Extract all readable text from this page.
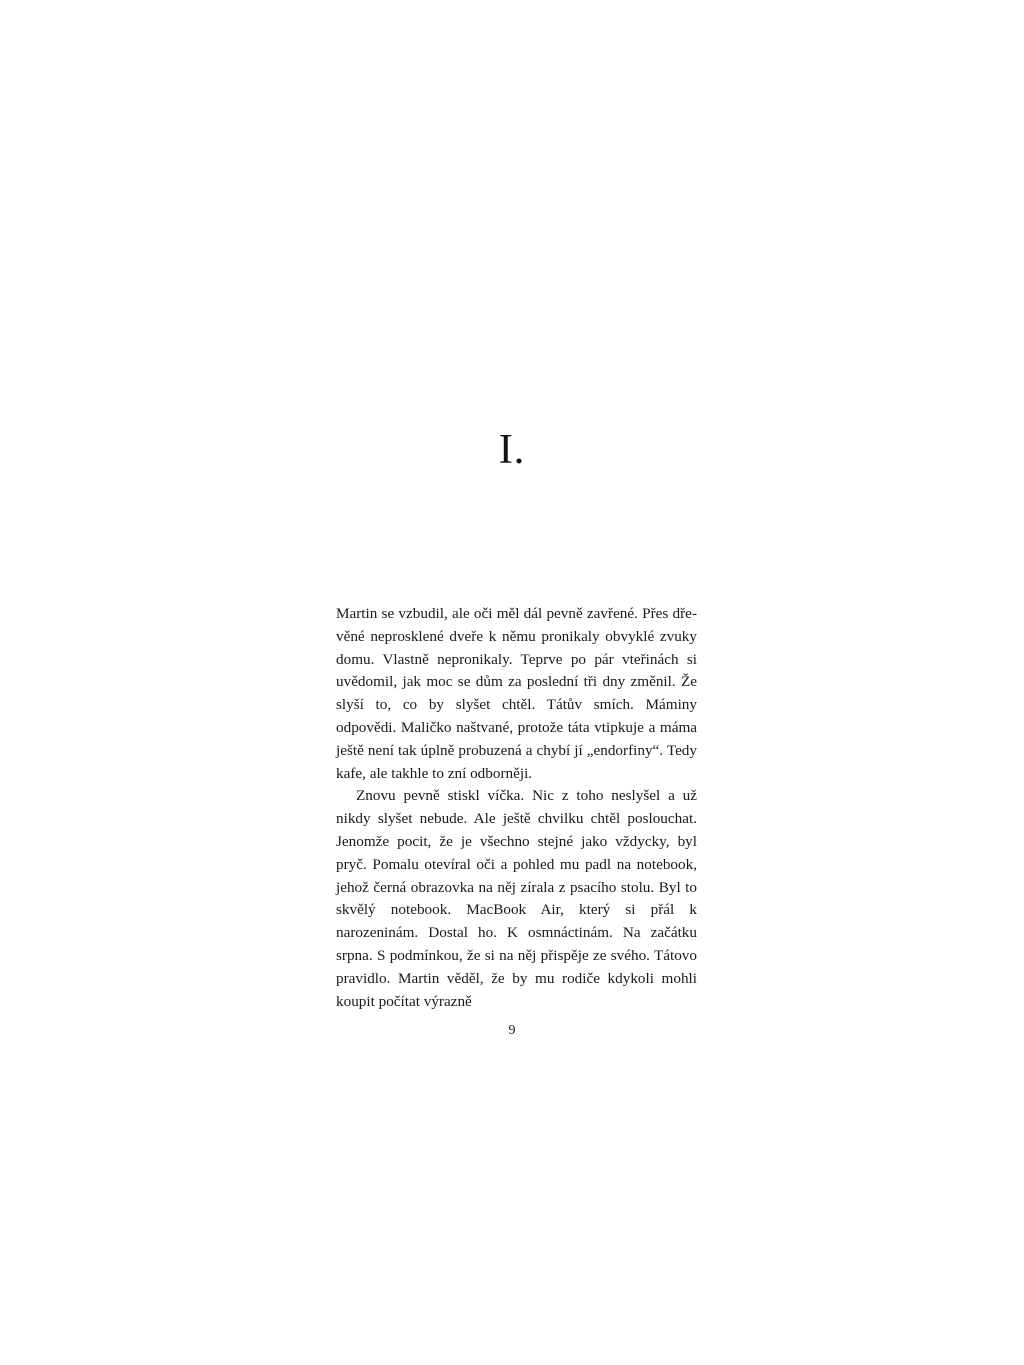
I.

Martin se vzbudil, ale oči měl dál pevně zavřené. Přes dřevěné neprosklené dveře k němu pronikaly obvyklé zvuky domu. Vlastně nepronikaly. Teprve po pár vteřinách si uvědomil, jak moc se dům za poslední tři dny změnil. Že slyší to, co by slyšet chtěl. Tátův smích. Máminy odpovědi. Maličko naštvané, protože táta vtipkuje a máma ještě není tak úplně probuzená a chybí jí „endorfiny“. Tedy kafe, ale takhle to zní odborněji.

Znovu pevně stiskl víčka. Nic z toho neslyšel a už nikdy slyšet nebude. Ale ještě chvilku chtěl poslouchat. Jenomže pocit, že je všechno stejné jako vždycky, byl pryč. Pomalu otevíral oči a pohled mu padl na notebook, jehož černá obrazovka na něj zírala z psacího stolu. Byl to skvělý notebook. MacBook Air, který si přál k narozeninám. Dostal ho. K osmnáctinám. Na začátku srpna. S podmínkou, že si na něj přispěje ze svého. Tátovo pravidlo. Martin věděl, že by mu rodiče kdykoli mohli koupit počítat výrazně

9
